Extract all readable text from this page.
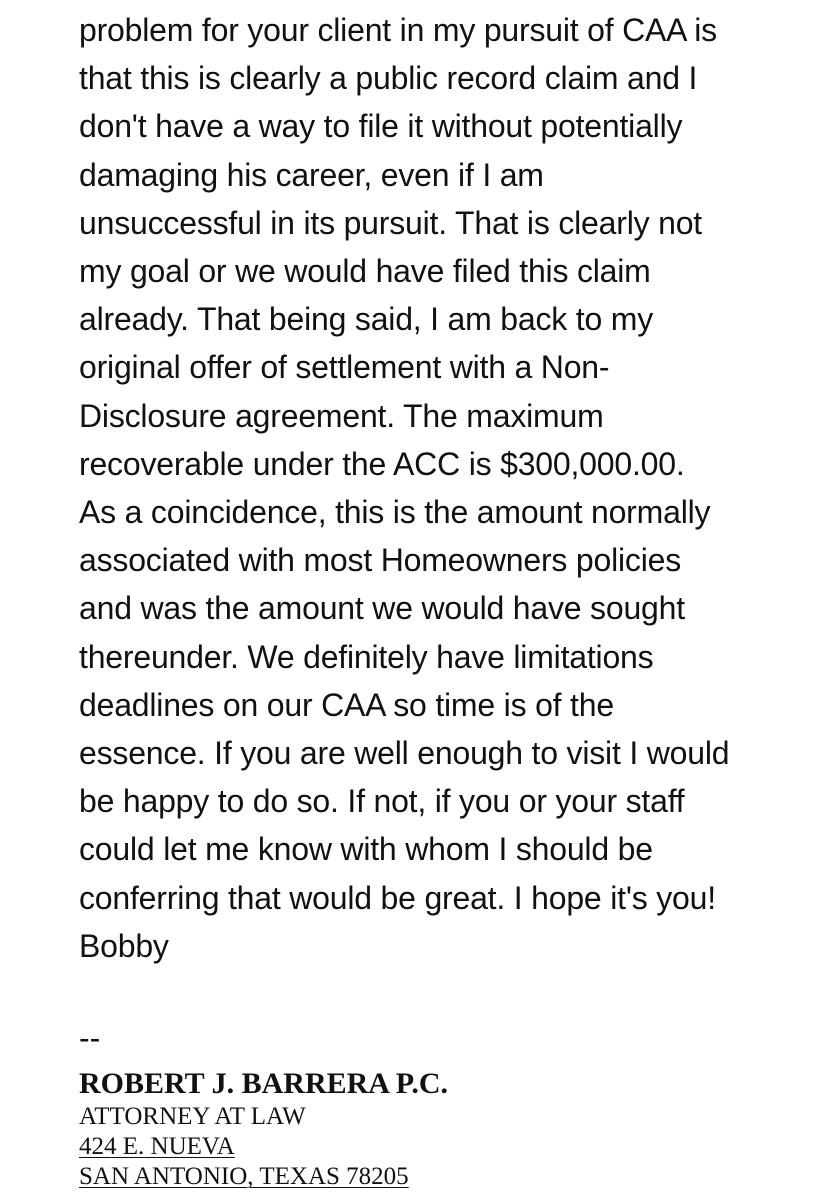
problem for your client in my pursuit of CAA is
that this is clearly a public record claim and I
don't have a way to file it without potentially
damaging his career, even if I am
unsuccessful in its pursuit. That is clearly not
my goal or we would have filed this claim
already. That being said, I am back to my
original offer of settlement with a Non-
Disclosure agreement. The maximum
recoverable under the ACC is $300,000.00.
As a coincidence, this is the amount normally
associated with most Homeowners policies
and was the amount we would have sought
thereunder. We definitely have limitations
deadlines on our CAA so time is of the
essence. If you are well enough to visit I would
be happy to do so. If not, if you or your staff
could let me know with whom I should be
conferring that would be great. I hope it's you!
Bobby
--
ROBERT J. BARRERA P.C.
ATTORNEY AT LAW
424 E. NUEVA
SAN ANTONIO, TEXAS 78205
